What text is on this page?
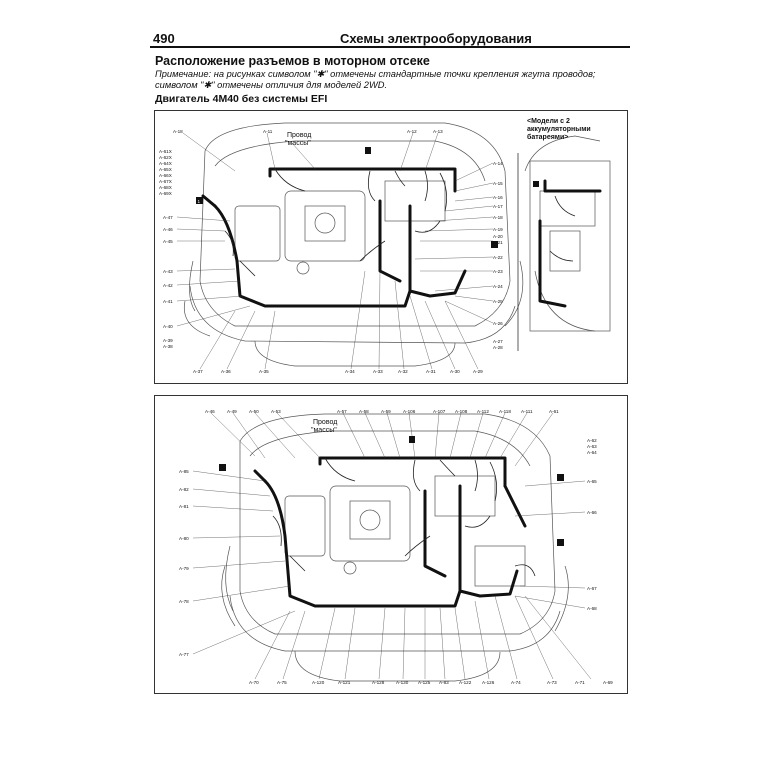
490	Схемы электрооборудования
Расположение разъемов в моторном отсеке
Примечание: на рисунках символом "✱" отмечены стандартные точки крепления жгута проводов; символом "✱" отмечены отличия для моделей 2WD.
Двигатель 4M40 без системы EFI
1
A-18	A-11
Провод
"массы"
A-12	A-13
A-14
A-15
A-16
A-17
A-18
A-19
A-20
A-21
A-22
A-23
A-24
A-25
A-26
A-27
A-28
A-61X
A-62X
A-64X
A-65X
A-66X
A-67X
A-68X
A-69X
A-47
A-46
A-45
A-43
A-42
A-41
A-40
A-39
A-38
A-37	A-36	A-35	A-34	A-33	A-32	A-31	A-30	A-29
<Модели с 2
аккумуляторными
батареями>
A-46	A-49	A-50	A-53
Провод
"массы"
A-57	A-58	A-59	A-106	A-107 A-108 A-112 A-118 A-111	A-61
A-62
A-63
A-64
A-85
A-82
A-81
A-80
A-79
A-78
A-77
A-65
A-66
A-67
A-68
A-70	A-75	A-120	A-121	A-128	A-130 A-125 A-83 A-122 A-126	A-74	A-73	A-71	A-69
